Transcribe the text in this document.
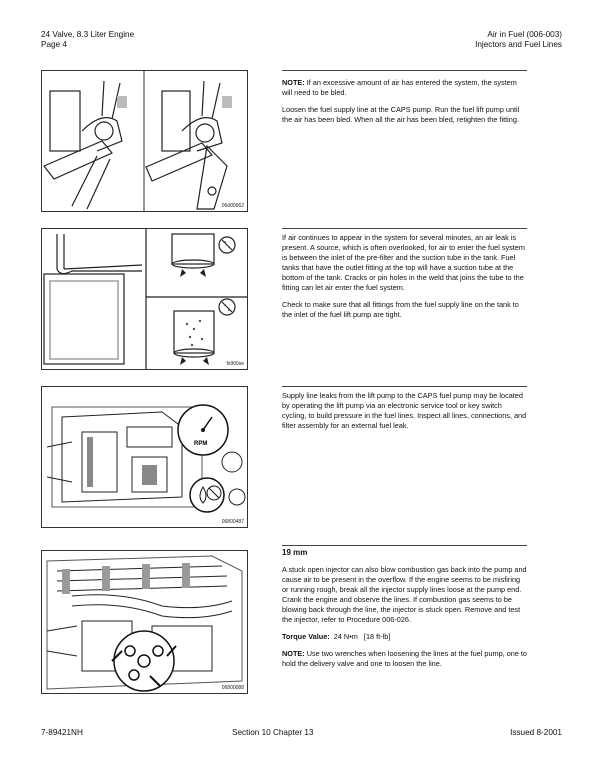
24 Valve, 8.3 Liter Engine
Page 4
Air in Fuel (006-003)
Injectors and Fuel Lines
06d00062

NOTE: If an excessive amount of air has entered the system, the system will need to be bled.

Loosen the fuel supply line at the CAPS pump. Run the fuel lift pump until the air has been bled. When all the air has been bled, retighten the fitting.

fs900se

If air continues to appear in the system for several minutes, an air leak is present. A source, which is often overlooked, for air to enter the fuel system is between the inlet of the pre-filter and the suction tube in the tank. Fuel tanks that have the outlet fitting at the top will have a suction tube at the bottom of the tank. Cracks or pin holes in the weld that joins the tube to the fitting can let air enter the fuel system.

Check to make sure that all fittings from the fuel supply line on the tank to the inlet of the fuel lift pump are tight.

RPM
06800487

Supply line leaks from the lift pump to the CAPS fuel pump may be located by operating the lift pump via an electronic service tool or key switch cycling, to build pressure in the fuel lines. Inspect all lines, connections, and filter assembly for an external fuel leak.

06800088

19 mm

A stuck open injector can also blow combustion gas back into the pump and cause air to be present in the overflow. If the engine seems to be misfiring or running rough, break all the injector supply lines loose at the pump end. Crank the engine and observe the lines. If combustion gas seems to be blowing back through the line, the injector is stuck open. Remove and test the injector, refer to Procedure 006-026.

Torque Value: 24 N•m [18 ft-lb]

NOTE: Use two wrenches when loosening the lines at the fuel pump, one to hold the delivery valve and one to loosen the line.

7-89421NH	Section 10 Chapter 13	Issued 8-2001
